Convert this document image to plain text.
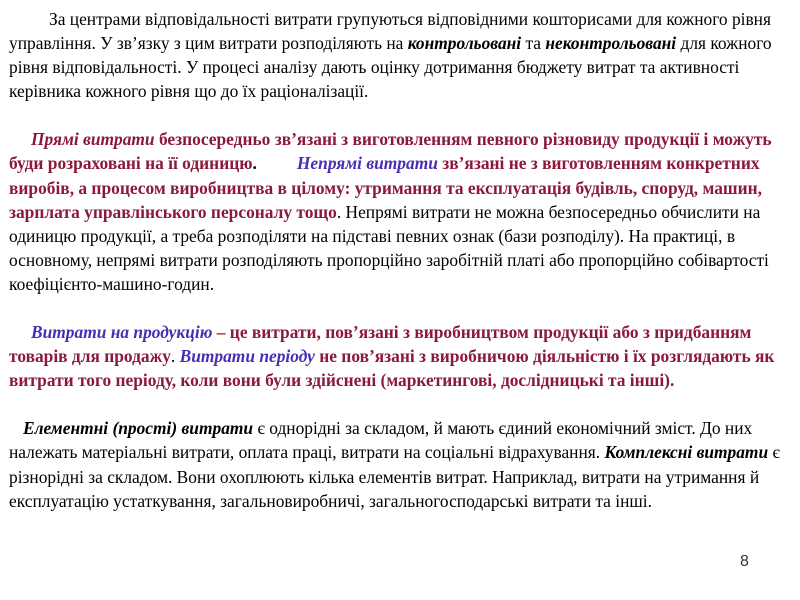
За центрами відповідальності витрати групуються відповідними кошторисами для кожного рівня управління. У зв’язку з цим витрати розподіляють на контрольовані та неконтрольовані для кожного рівня відповідальності. У процесі аналізу дають оцінку дотримання бюджету витрат та активності керівника кожного рівня що до їх раціоналізації.

Прямі витрати безпосередньо зв’язані з виготовленням певного різновиду продукції і можуть буди розраховані на її одиницю. Непрямі витрати зв’язані не з виготовленням конкретних виробів, а процесом виробництва в цілому: утримання та експлуатація будівль, споруд, машин, зарплата управлінського персоналу тощо. Непрямі витрати не можна безпосередньо обчислити на одиницю продукції, а треба розподіляти на підставі певних ознак (бази розподілу). На практиці, в основному, непрямі витрати розподіляють пропорційно заробітній платі або пропорційно собівартості коефіцієнто-машино-годин.

Витрати на продукцію – це витрати, пов’язані з виробництвом продукції або з придбанням товарів для продажу. Витрати періоду не пов’язані з виробничою діяльністю і їх розглядають як витрати того періоду, коли вони були здійснені (маркетингові, дослідницькі та інші).

Елементні (прості) витрати є однорідні за складом, й мають єдиний економічний зміст. До них належать матеріальні витрати, оплата праці, витрати на соціальні відрахування. Комплексні витрати є різнорідні за складом. Вони охоплюють кілька елементів витрат. Наприклад, витрати на утримання й експлуатацію устаткування, загальновиробничі, загальногосподарські витрати та інші.

8
